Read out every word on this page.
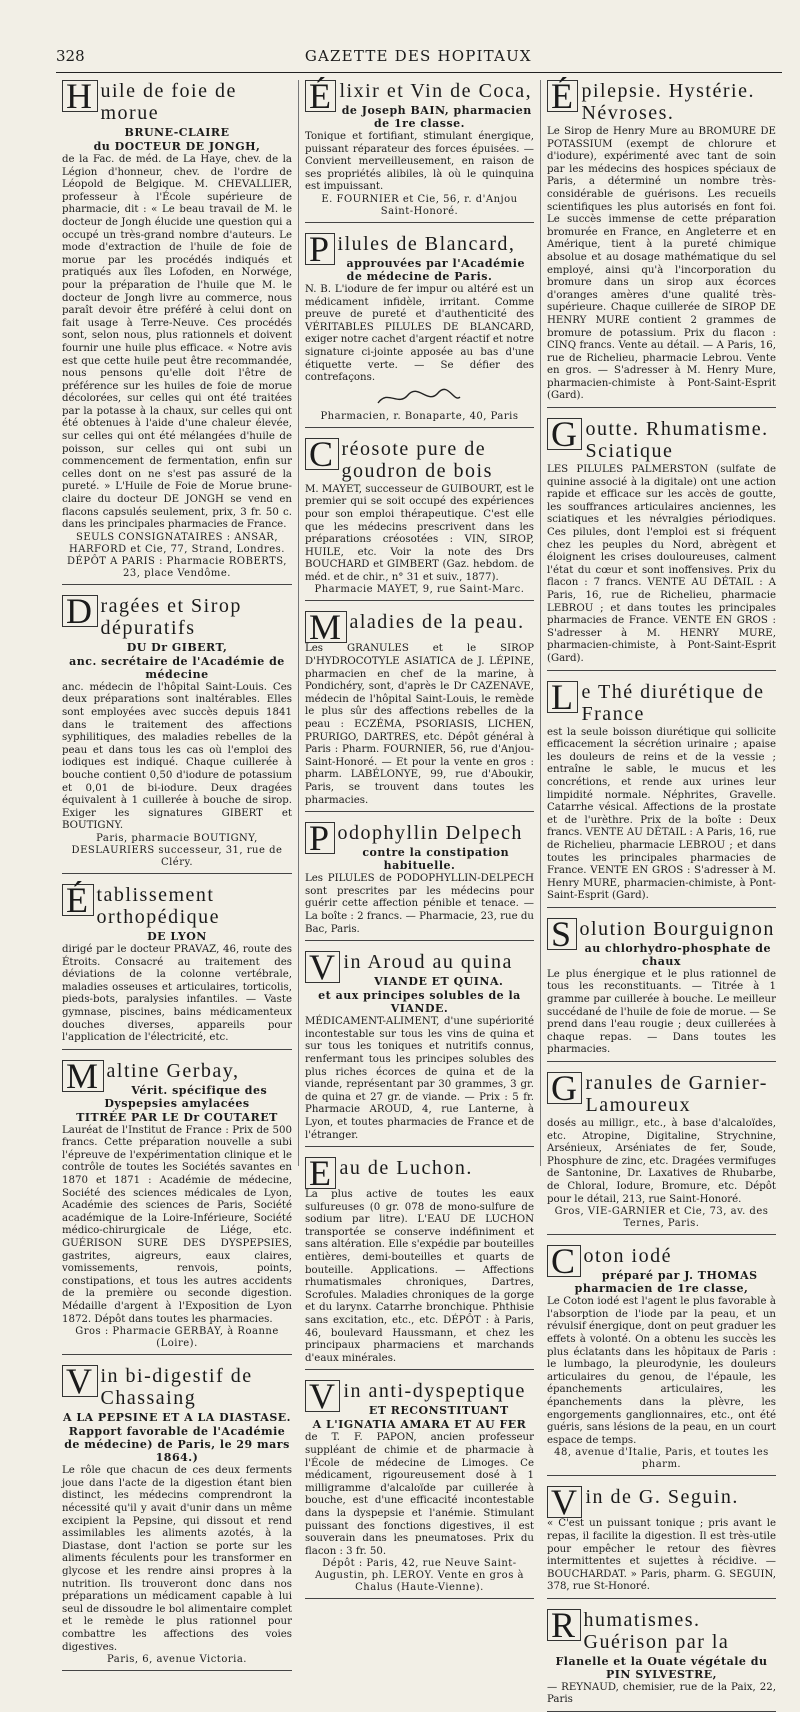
328	GAZETTE DES HOPITAUX
H uile de foie de morue
BRUNE-CLAIRE
du DOCTEUR DE JONGH,
de la Fac. de méd. de La Haye, chev. de la Légion d'honneur, chev. de l'ordre de Léopold de Belgique. M. CHEVALLIER, professeur à l'École supérieure de pharmacie, dit : « Le beau travail de M. le docteur de Jongh élucide une question qui a occupé un très-grand nombre d'auteurs. Le mode d'extraction de l'huile de foie de morue par les procédés indiqués et pratiqués aux îles Lofoden, en Norwége, pour la préparation de l'huile que M. le docteur de Jongh livre au commerce, nous paraît devoir être préféré à celui dont on fait usage à Terre-Neuve. Ces procédés sont, selon nous, plus rationnels et doivent fournir une huile plus efficace. « Notre avis est que cette huile peut être recommandée, nous pensons qu'elle doit l'être de préférence sur les huiles de foie de morue décolorées, sur celles qui ont été traitées par la potasse à la chaux, sur celles qui ont été obtenues à l'aide d'une chaleur élevée, sur celles qui ont été mélangées d'huile de poisson, sur celles qui ont subi un commencement de fermentation, enfin sur celles dont on ne s'est pas assuré de la pureté. » L'Huile de Foie de Morue brune-claire du docteur DE JONGH se vend en flacons capsulés seulement, prix, 3 fr. 50 c. dans les principales pharmacies de France.
SEULS CONSIGNATAIRES : ANSAR, HARFORD et Cie, 77, Strand, Londres. DÉPÔT A PARIS : Pharmacie ROBERTS, 23, place Vendôme.
D ragées et Sirop dépuratifs
DU Dr GIBERT,
anc. secrétaire de l'Académie de médecine
anc. médecin de l'hôpital Saint-Louis. Ces deux préparations sont inaltérables. Elles sont employées avec succès depuis 1841 dans le traitement des affections syphilitiques, des maladies rebelles de la peau et dans tous les cas où l'emploi des iodiques est indiqué. Chaque cuillerée à bouche contient 0,50 d'iodure de potassium et 0,01 de bi-iodure. Deux dragées équivalent à 1 cuillerée à bouche de sirop. Exiger les signatures GIBERT et BOUTIGNY.
Paris, pharmacie BOUTIGNY, DESLAURIERS successeur, 31, rue de Cléry.
É tablissement orthopédique
DE LYON
dirigé par le docteur PRAVAZ, 46, route des Étroits. Consacré au traitement des déviations de la colonne vertébrale, maladies osseuses et articulaires, torticolis, pieds-bots, paralysies infantiles. — Vaste gymnase, piscines, bains médicamenteux douches diverses, appareils pour l'application de l'électricité, etc.
M altine Gerbay,
Vérit. spécifique des Dyspepsies amylacées
TITRÉE PAR LE Dr COUTARET
Lauréat de l'Institut de France : Prix de 500 francs. Cette préparation nouvelle a subi l'épreuve de l'expérimentation clinique et le contrôle de toutes les Sociétés savantes en 1870 et 1871 : Académie de médecine, Société des sciences médicales de Lyon, Académie des sciences de Paris, Société académique de la Loire-Inférieure, Société médico-chirurgicale de Liége, etc. GUÉRISON SURE DES DYSPEPSIES, gastrites, aigreurs, eaux claires, vomissements, renvois, points, constipations, et tous les autres accidents de la première ou seconde digestion. Médaille d'argent à l'Exposition de Lyon 1872. Dépôt dans toutes les pharmacies.
Gros : Pharmacie GERBAY, à Roanne (Loire).
V in bi-digestif de Chassaing
A LA PEPSINE ET A LA DIASTASE.
Rapport favorable de l'Académie de médecine) de Paris, le 29 mars 1864.)
Le rôle que chacun de ces deux ferments joue dans l'acte de la digestion étant bien distinct, les médecins comprendront la nécessité qu'il y avait d'unir dans un même excipient la Pepsine, qui dissout et rend assimilables les aliments azotés, à la Diastase, dont l'action se porte sur les aliments féculents pour les transformer en glycose et les rendre ainsi propres à la nutrition. Ils trouveront donc dans nos préparations un médicament capable à lui seul de dissoudre le bol alimentaire complet et le remède le plus rationnel pour combattre les affections des voies digestives.
Paris, 6, avenue Victoria.
É lixir et Vin de Coca,
de Joseph BAIN, pharmacien de 1re classe.
Tonique et fortifiant, stimulant énergique, puissant réparateur des forces épuisées. — Convient merveilleusement, en raison de ses propriétés alibiles, là où le quinquina est impuissant.
E. FOURNIER et Cie, 56, r. d'Anjou Saint-Honoré.
P ilules de Blancard,
approuvées par l'Académie de médecine de Paris.
N. B. L'iodure de fer impur ou altéré est un médicament infidèle, irritant. Comme preuve de pureté et d'authenticité des VÉRITABLES PILULES DE BLANCARD, exiger notre cachet d'argent réactif et notre signature ci-jointe apposée au bas d'une étiquette verte. — Se défier des contrefaçons.
Pharmacien, r. Bonaparte, 40, Paris
C réosote pure de goudron de bois
M. MAYET, successeur de GUIBOURT, est le premier qui se soit occupé des expériences pour son emploi thérapeutique. C'est elle que les médecins prescrivent dans les préparations créosotées : VIN, SIROP, HUILE, etc. Voir la note des Drs BOUCHARD et GIMBERT (Gaz. hebdom. de méd. et de chir., n° 31 et suiv., 1877).
Pharmacie MAYET, 9, rue Saint-Marc.
M aladies de la peau.
Les GRANULES et le SIROP D'HYDROCOTYLE ASIATICA de J. LÉPINE, pharmacien en chef de la marine, à Pondichéry, sont, d'après le Dr CAZENAVE, médecin de l'hôpital Saint-Louis, le remède le plus sûr des affections rebelles de la peau : ECZÉMA, PSORIASIS, LICHEN, PRURIGO, DARTRES, etc. Dépôt général à Paris : Pharm. FOURNIER, 56, rue d'Anjou-Saint-Honoré. — Et pour la vente en gros : pharm. LABÉLONYE, 99, rue d'Aboukir, Paris, se trouvent dans toutes les pharmacies.
P odophyllin Delpech
contre la constipation habituelle.
Les PILULES de PODOPHYLLIN-DELPECH sont prescrites par les médecins pour guérir cette affection pénible et tenace. — La boîte : 2 francs. — Pharmacie, 23, rue du Bac, Paris.
V in Aroud au quina
VIANDE ET QUINA.
et aux principes solubles de la VIANDE.
MÉDICAMENT-ALIMENT, d'une supériorité incontestable sur tous les vins de quina et sur tous les toniques et nutritifs connus, renfermant tous les principes solubles des plus riches écorces de quina et de la viande, représentant par 30 grammes, 3 gr. de quina et 27 gr. de viande. — Prix : 5 fr. Pharmacie AROUD, 4, rue Lanterne, à Lyon, et toutes pharmacies de France et de l'étranger.
E au de Luchon.
La plus active de toutes les eaux sulfureuses (0 gr. 078 de mono-sulfure de sodium par litre). L'EAU DE LUCHON transportée se conserve indéfiniment et sans altération. Elle s'expédie par bouteilles entières, demi-bouteilles et quarts de bouteille. Applications. — Affections rhumatismales chroniques, Dartres, Scrofules. Maladies chroniques de la gorge et du larynx. Catarrhe bronchique. Phthisie sans excitation, etc., etc. DÉPÔT : à Paris, 46, boulevard Haussmann, et chez les principaux pharmaciens et marchands d'eaux minérales.
V in anti-dyspeptique
ET RECONSTITUANT
A L'IGNATIA AMARA ET AU FER
de T. F. PAPON, ancien professeur suppléant de chimie et de pharmacie à l'École de médecine de Limoges. Ce médicament, rigoureusement dosé à 1 milligramme d'alcaloïde par cuillerée à bouche, est d'une efficacité incontestable dans la dyspepsie et l'anémie. Stimulant puissant des fonctions digestives, il est souverain dans les pneumatoses. Prix du flacon : 3 fr. 50.
Dépôt : Paris, 42, rue Neuve Saint-Augustin, ph. LEROY. Vente en gros à Chalus (Haute-Vienne).
É pilepsie. Hystérie. Névroses.
Le Sirop de Henry Mure au BROMURE DE POTASSIUM (exempt de chlorure et d'iodure), expérimenté avec tant de soin par les médecins des hospices spéciaux de Paris, a déterminé un nombre très-considérable de guérisons. Les recueils scientifiques les plus autorisés en font foi. Le succès immense de cette préparation bromurée en France, en Angleterre et en Amérique, tient à la pureté chimique absolue et au dosage mathématique du sel employé, ainsi qu'à l'incorporation du bromure dans un sirop aux écorces d'oranges amères d'une qualité très-supérieure. Chaque cuillerée de SIROP DE HENRY MURE contient 2 grammes de bromure de potassium. Prix du flacon : CINQ francs. Vente au détail. — A Paris, 16, rue de Richelieu, pharmacie Lebrou. Vente en gros. — S'adresser à M. Henry Mure, pharmacien-chimiste à Pont-Saint-Esprit (Gard).
G outte. Rhumatisme. Sciatique
LES PILULES PALMERSTON (sulfate de quinine associé à la digitale) ont une action rapide et efficace sur les accès de goutte, les souffrances articulaires anciennes, les sciatiques et les névralgies périodiques. Ces pilules, dont l'emploi est si fréquent chez les peuples du Nord, abrègent et éloignent les crises douloureuses, calment l'état du cœur et sont inoffensives. Prix du flacon : 7 francs. VENTE AU DÉTAIL : A Paris, 16, rue de Richelieu, pharmacie LEBROU ; et dans toutes les principales pharmacies de France. VENTE EN GROS : S'adresser à M. HENRY MURE, pharmacien-chimiste, à Pont-Saint-Esprit (Gard).
L e Thé diurétique de France
est la seule boisson diurétique qui sollicite efficacement la sécrétion urinaire ; apaise les douleurs de reins et de la vessie ; entraîne le sable, le mucus et les concrétions, et rende aux urines leur limpidité normale. Néphrites, Gravelle. Catarrhe vésical. Affections de la prostate et de l'urèthre. Prix de la boîte : Deux francs. VENTE AU DÉTAIL : A Paris, 16, rue de Richelieu, pharmacie LEBROU ; et dans toutes les principales pharmacies de France. VENTE EN GROS : S'adresser à M. Henry MURE, pharmacien-chimiste, à Pont-Saint-Esprit (Gard).
S olution Bourguignon
au chlorhydro-phosphate de chaux
Le plus énergique et le plus rationnel de tous les reconstituants. — Titrée à 1 gramme par cuillerée à bouche. Le meilleur succédané de l'huile de foie de morue. — Se prend dans l'eau rougie ; deux cuillerées à chaque repas. — Dans toutes les pharmacies.
G ranules de Garnier-Lamoureux
dosés au milligr., etc., à base d'alcaloïdes, etc. Atropine, Digitaline, Strychnine, Arsénieux, Arséniates de fer, Soude, Phosphure de zinc, etc. Dragées vermifuges de Santonine, Dr. Laxatives de Rhubarbe, de Chloral, Iodure, Bromure, etc. Dépôt pour le détail, 213, rue Saint-Honoré.
Gros, VIE-GARNIER et Cie, 73, av. des Ternes, Paris.
C oton iodé
préparé par J. THOMAS pharmacien de 1re classe,
Le Coton iodé est l'agent le plus favorable à l'absorption de l'iode par la peau, et un révulsif énergique, dont on peut graduer les effets à volonté. On a obtenu les succès les plus éclatants dans les hôpitaux de Paris : le lumbago, la pleurodynie, les douleurs articulaires du genou, de l'épaule, les épanchements articulaires, les épanchements dans la plèvre, les engorgements ganglionnaires, etc., ont été guéris, sans lésions de la peau, en un court espace de temps.
48, avenue d'Italie, Paris, et toutes les pharm.
V in de G. Seguin.
« C'est un puissant tonique ; pris avant le repas, il facilite la digestion. Il est très-utile pour empêcher le retour des fièvres intermittentes et sujettes à récidive. — BOUCHARDAT. » Paris, pharm. G. SEGUIN, 378, rue St-Honoré.
R humatismes. Guérison par la
Flanelle et la Ouate végétale du PIN SYLVESTRE,
— REYNAUD, chemisier, rue de la Paix, 22, Paris
